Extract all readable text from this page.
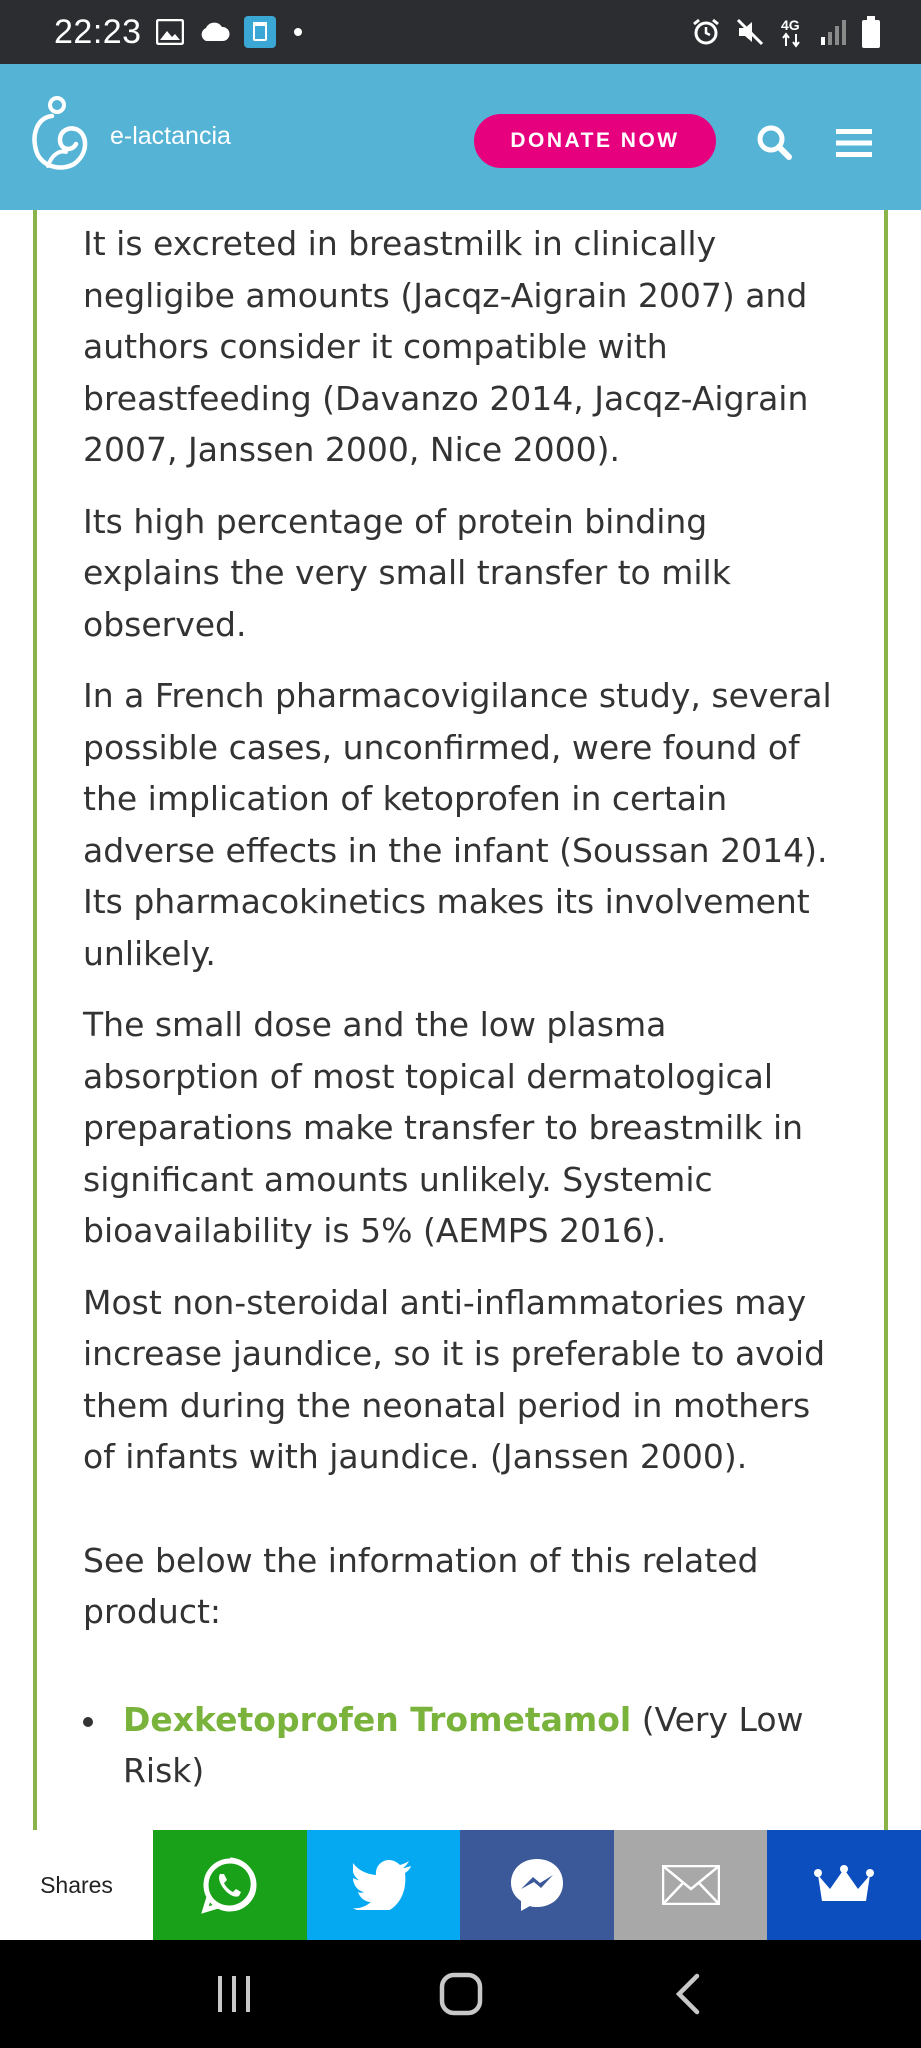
22:23	4G
e-lactancia	DONATE NOW

It is excreted in breastmilk in clinically negligibe amounts (Jacqz-Aigrain 2007) and authors consider it compatible with breastfeeding (Davanzo 2014, Jacqz-Aigrain 2007, Janssen 2000, Nice 2000).

Its high percentage of protein binding explains the very small transfer to milk observed.

In a French pharmacovigilance study, several possible cases, unconfirmed, were found of the implication of ketoprofen in certain adverse effects in the infant (Soussan 2014). Its pharmacokinetics makes its involvement unlikely.

The small dose and the low plasma absorption of most topical dermatological preparations make transfer to breastmilk in significant amounts unlikely. Systemic bioavailability is 5% (AEMPS 2016).

Most non-steroidal anti-inflammatories may increase jaundice, so it is preferable to avoid them during the neonatal period in mothers of infants with jaundice. (Janssen 2000).

See below the information of this related product:

Dexketoprofen Trometamol (Very Low Risk)
Shares
